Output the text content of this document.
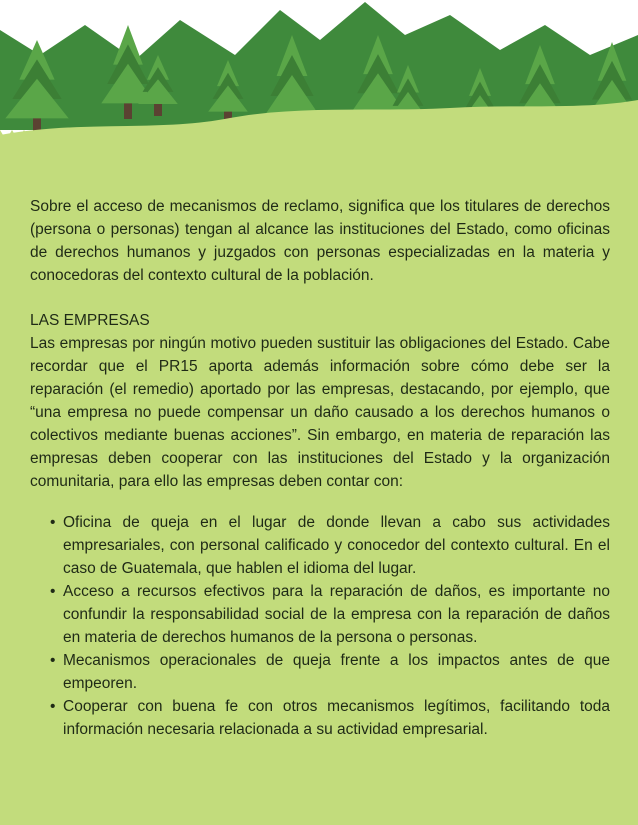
Sobre el acceso de mecanismos de reclamo, significa que los titulares de derechos (persona o personas) tengan al alcance las instituciones del Estado, como oficinas de derechos humanos y juzgados con personas especializadas en la materia y conocedoras del contexto cultural de la población.

LAS EMPRESAS

Las empresas por ningún motivo pueden sustituir las obligaciones del Estado. Cabe recordar que el PR15 aporta además información sobre cómo debe ser la reparación (el remedio) aportado por las empresas, destacando, por ejemplo, que “una empresa no puede compensar un daño causado a los derechos humanos o colectivos mediante buenas acciones”. Sin embargo, en materia de reparación las empresas deben cooperar con las instituciones del Estado y la organización comunitaria, para ello las empresas deben contar con:

• Oficina de queja en el lugar de donde llevan a cabo sus actividades empresariales, con personal calificado y conocedor del contexto cultural. En el caso de Guatemala, que hablen el idioma del lugar.
• Acceso a recursos efectivos para la reparación de daños, es importante no confundir la responsabilidad social de la empresa con la reparación de daños en materia de derechos humanos de la persona o personas.
• Mecanismos operacionales de queja frente a los impactos antes de que empeoren.
• Cooperar con buena fe con otros mecanismos legítimos, facilitando toda información necesaria relacionada a su actividad empresarial.
